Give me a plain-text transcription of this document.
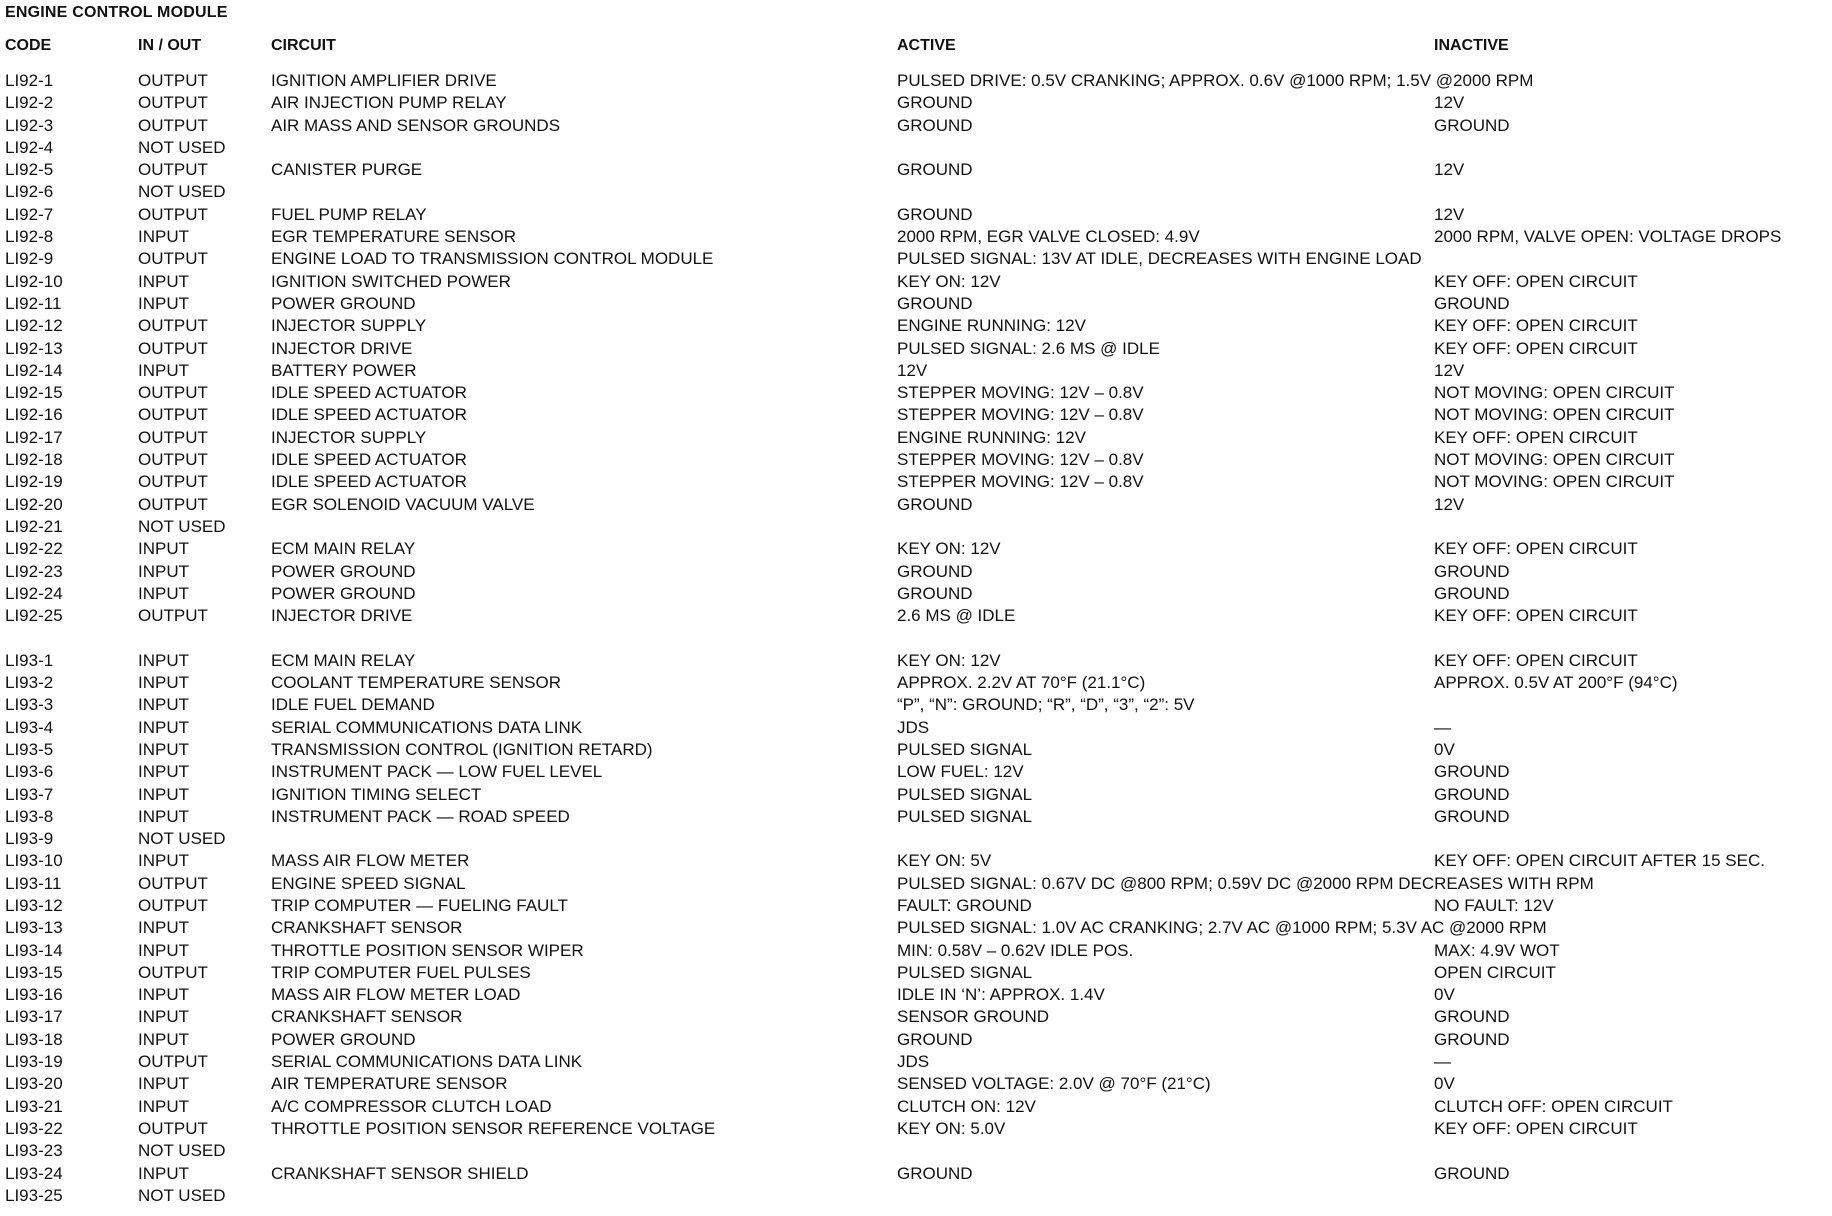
ENGINE CONTROL MODULE
CODE	IN / OUT	CIRCUIT	ACTIVE	INACTIVE
LI92-1	OUTPUT	IGNITION AMPLIFIER DRIVE	PULSED DRIVE: 0.5V CRANKING; APPROX. 0.6V @1000 RPM; 1.5V @2000 RPM
LI92-2	OUTPUT	AIR INJECTION PUMP RELAY	GROUND	12V
LI92-3	OUTPUT	AIR MASS AND SENSOR GROUNDS	GROUND	GROUND
LI92-4	NOT USED
LI92-5	OUTPUT	CANISTER PURGE	GROUND	12V
LI92-6	NOT USED
LI92-7	OUTPUT	FUEL PUMP RELAY	GROUND	12V
LI92-8	INPUT	EGR TEMPERATURE SENSOR	2000 RPM, EGR VALVE CLOSED: 4.9V	2000 RPM, VALVE OPEN: VOLTAGE DROPS
LI92-9	OUTPUT	ENGINE LOAD TO TRANSMISSION CONTROL MODULE	PULSED SIGNAL: 13V AT IDLE, DECREASES WITH ENGINE LOAD
LI92-10	INPUT	IGNITION SWITCHED POWER	KEY ON: 12V	KEY OFF: OPEN CIRCUIT
LI92-11	INPUT	POWER GROUND	GROUND	GROUND
LI92-12	OUTPUT	INJECTOR SUPPLY	ENGINE RUNNING: 12V	KEY OFF: OPEN CIRCUIT
LI92-13	OUTPUT	INJECTOR DRIVE	PULSED SIGNAL: 2.6 MS @ IDLE	KEY OFF: OPEN CIRCUIT
LI92-14	INPUT	BATTERY POWER	12V	12V
LI92-15	OUTPUT	IDLE SPEED ACTUATOR	STEPPER MOVING: 12V – 0.8V	NOT MOVING: OPEN CIRCUIT
LI92-16	OUTPUT	IDLE SPEED ACTUATOR	STEPPER MOVING: 12V – 0.8V	NOT MOVING: OPEN CIRCUIT
LI92-17	OUTPUT	INJECTOR SUPPLY	ENGINE RUNNING: 12V	KEY OFF: OPEN CIRCUIT
LI92-18	OUTPUT	IDLE SPEED ACTUATOR	STEPPER MOVING: 12V – 0.8V	NOT MOVING: OPEN CIRCUIT
LI92-19	OUTPUT	IDLE SPEED ACTUATOR	STEPPER MOVING: 12V – 0.8V	NOT MOVING: OPEN CIRCUIT
LI92-20	OUTPUT	EGR SOLENOID VACUUM VALVE	GROUND	12V
LI92-21	NOT USED
LI92-22	INPUT	ECM MAIN RELAY	KEY ON: 12V	KEY OFF: OPEN CIRCUIT
LI92-23	INPUT	POWER GROUND	GROUND	GROUND
LI92-24	INPUT	POWER GROUND	GROUND	GROUND
LI92-25	OUTPUT	INJECTOR DRIVE	2.6 MS @ IDLE	KEY OFF: OPEN CIRCUIT
LI93-1	INPUT	ECM MAIN RELAY	KEY ON: 12V	KEY OFF: OPEN CIRCUIT
LI93-2	INPUT	COOLANT TEMPERATURE SENSOR	APPROX. 2.2V AT 70°F (21.1°C)	APPROX. 0.5V AT 200°F (94°C)
LI93-3	INPUT	IDLE FUEL DEMAND	“P”, “N”: GROUND; “R”, “D”, “3”, “2”: 5V
LI93-4	INPUT	SERIAL COMMUNICATIONS DATA LINK	JDS	—
LI93-5	INPUT	TRANSMISSION CONTROL (IGNITION RETARD)	PULSED SIGNAL	0V
LI93-6	INPUT	INSTRUMENT PACK — LOW FUEL LEVEL	LOW FUEL: 12V	GROUND
LI93-7	INPUT	IGNITION TIMING SELECT	PULSED SIGNAL	GROUND
LI93-8	INPUT	INSTRUMENT PACK — ROAD SPEED	PULSED SIGNAL	GROUND
LI93-9	NOT USED
LI93-10	INPUT	MASS AIR FLOW METER	KEY ON: 5V	KEY OFF: OPEN CIRCUIT AFTER 15 SEC.
LI93-11	OUTPUT	ENGINE SPEED SIGNAL	PULSED SIGNAL: 0.67V DC @800 RPM; 0.59V DC @2000 RPM DECREASES WITH RPM
LI93-12	OUTPUT	TRIP COMPUTER — FUELING FAULT	FAULT: GROUND	NO FAULT: 12V
LI93-13	INPUT	CRANKSHAFT SENSOR	PULSED SIGNAL: 1.0V AC CRANKING; 2.7V AC @1000 RPM; 5.3V AC @2000 RPM
LI93-14	INPUT	THROTTLE POSITION SENSOR WIPER	MIN: 0.58V – 0.62V IDLE POS.	MAX: 4.9V WOT
LI93-15	OUTPUT	TRIP COMPUTER FUEL PULSES	PULSED SIGNAL	OPEN CIRCUIT
LI93-16	INPUT	MASS AIR FLOW METER LOAD	IDLE IN ‘N’: APPROX. 1.4V	0V
LI93-17	INPUT	CRANKSHAFT SENSOR	SENSOR GROUND	GROUND
LI93-18	INPUT	POWER GROUND	GROUND	GROUND
LI93-19	OUTPUT	SERIAL COMMUNICATIONS DATA LINK	JDS	—
LI93-20	INPUT	AIR TEMPERATURE SENSOR	SENSED VOLTAGE: 2.0V @ 70°F (21°C)	0V
LI93-21	INPUT	A/C COMPRESSOR CLUTCH LOAD	CLUTCH ON: 12V	CLUTCH OFF: OPEN CIRCUIT
LI93-22	OUTPUT	THROTTLE POSITION SENSOR REFERENCE VOLTAGE	KEY ON: 5.0V	KEY OFF: OPEN CIRCUIT
LI93-23	NOT USED
LI93-24	INPUT	CRANKSHAFT SENSOR SHIELD	GROUND	GROUND
LI93-25	NOT USED
